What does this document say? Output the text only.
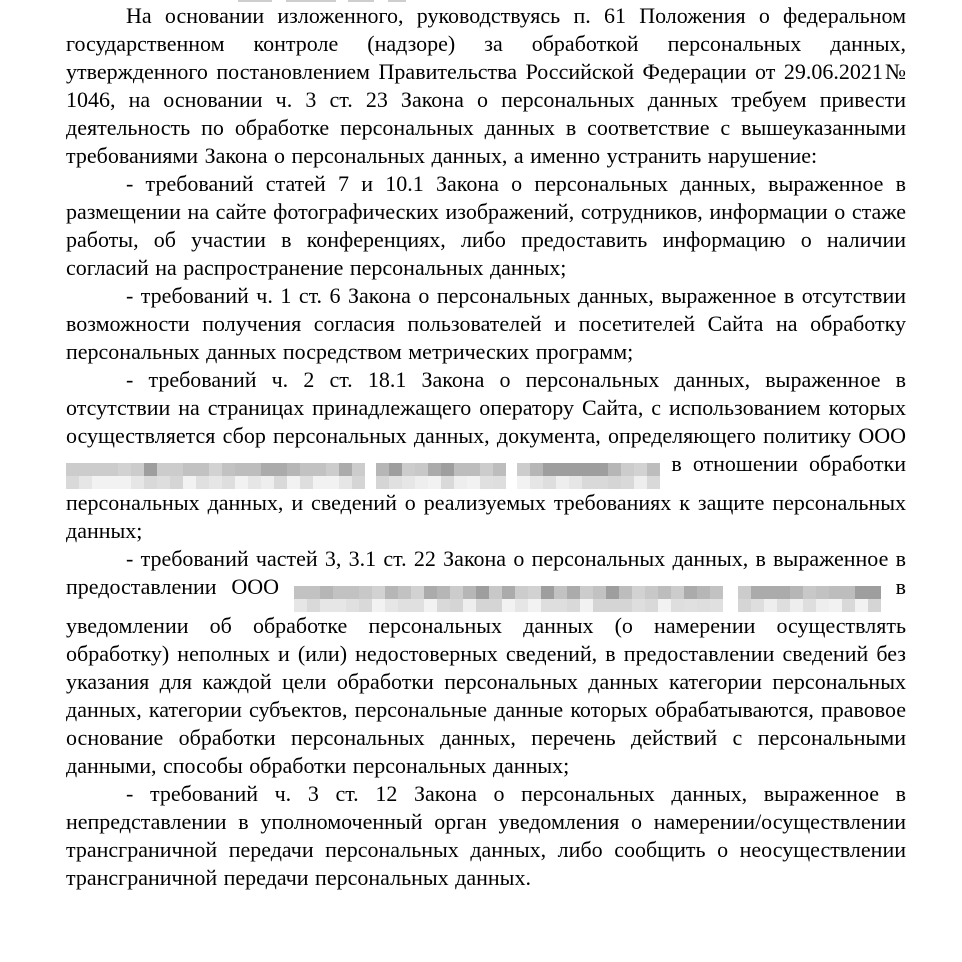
На основании изложенного, руководствуясь п. 61 Положения о федеральном государственном контроле (надзоре) за обработкой персональных данных, утвержденного постановлением Правительства Российской Федерации от 29.06.2021№ 1046, на основании ч. 3 ст. 23 Закона о персональных данных требуем привести деятельность по обработке персональных данных в соответствие с вышеуказанными требованиями Закона о персональных данных, а именно устранить нарушение:

- требований статей 7 и 10.1 Закона о персональных данных, выраженное в размещении на сайте фотографических изображений, сотрудников, информации о стаже работы, об участии в конференциях, либо предоставить информацию о наличии согласий на распространение персональных данных;

- требований ч. 1 ст. 6 Закона о персональных данных, выраженное в отсутствии возможности получения согласия пользователей и посетителей Сайта на обработку персональных данных посредством метрических программ;

- требований ч. 2 ст. 18.1 Закона о персональных данных, выраженное в отсутствии на страницах принадлежащего оператору Сайта, с использованием которых осуществляется сбор персональных данных, документа, определяющего политику ООО

в отношении обработки персональных данных, и сведений о реализуемых требованиях к защите персональных данных;

- требований частей 3, 3.1 ст. 22 Закона о персональных данных, в выраженное в предоставлении ООО
	в уведомлении об обработке персональных данных (о намерении осуществлять обработку) неполных и (или) недостоверных сведений, в предоставлении сведений без указания для каждой цели обработки персональных данных категории персональных данных, категории субъектов, персональные данные которых обрабатываются, правовое основание обработки персональных данных, перечень действий с персональными данными, способы обработки персональных данных;

- требований ч. 3 ст. 12 Закона о персональных данных, выраженное в непредставлении в уполномоченный орган уведомления о намерении/осуществлении трансграничной передачи персональных данных, либо сообщить о неосуществлении трансграничной передачи персональных данных.
